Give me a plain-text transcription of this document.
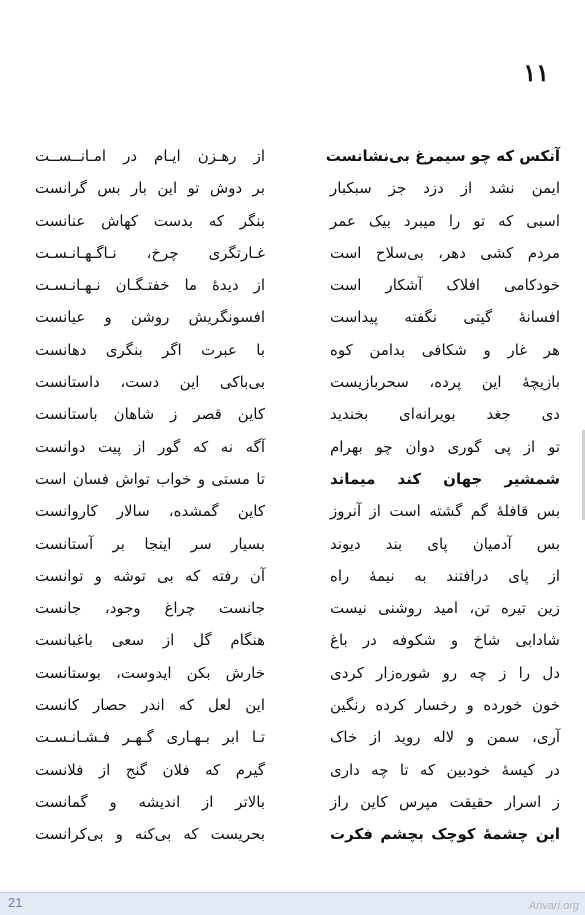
۱۱
آنکس که چو سیمرغ بی‌نشانست
از رهـزن ایـام در امـانــســت
ایمن نشد از دزد جز سبکبار
بر دوش تو این بار بس گرانست
اسبی که تو را میبرد بیک عمر
بنگر که بدست کهاش عنانست
مردم کشی دهر، بی‌سلاح است
غـارتگری چرخ، نـاگـهـانـسـت
خودکامی افلاک آشکار است
از دیدهٔ ما خفتـگـان نـهـانـسـت
افسانهٔ گیتی نگفته پیداست
افسونگریش روشن و عیانست
هر غار و شکافی بدامن کوه
با عبرت اگر بنگری دهانست
بازیچهٔ این پرده، سحربازیست
بی‌باکی این دست، داستانست
دی جغد بویرانه‌ای بخندید
کاین قصر ز شاهان باستانست
تو از پی گوری دوان چو بهرام
آگه نه که گور از پیت دوانست
شمشیر جهان کند میماند
تا مستی و خواب تواش فسان است
بس قافلهٔ گم گشته است از آنروز
کاین گمشده، سالار کاروانست
بس آدمیان پای بند دیوند
بسیار سر اینجا بر آستانست
از پای درافتند به نیمهٔ راه
آن رفته که بی توشه و توانست
زین تیره تن، امید روشنی نیست
جانست چراغ وجود، جانست
شادابی شاخ و شکوفه در باغ
هنگام گل از سعی باغبانست
دل را ز چه رو شوره‌زار کردی
خارش بکن ایدوست، بوستانست
خون خورده و رخسار کرده رنگین
این لعل که اندر حصار کانست
آری، سمن و لاله روید از خاک
تـا ابر بـهـاری گـهـر فـشـانـسـت
در کیسهٔ خودبین که تا چه داری
گیرم که فلان گنج از فلانست
ز اسرار حقیقت مپرس کاین راز
بالاتر از اندیشه و گمانست
این چشمهٔ کوچک بچشم فکرت
بحریست که بی‌کنه و بی‌کرانست
21	Anvari.org
